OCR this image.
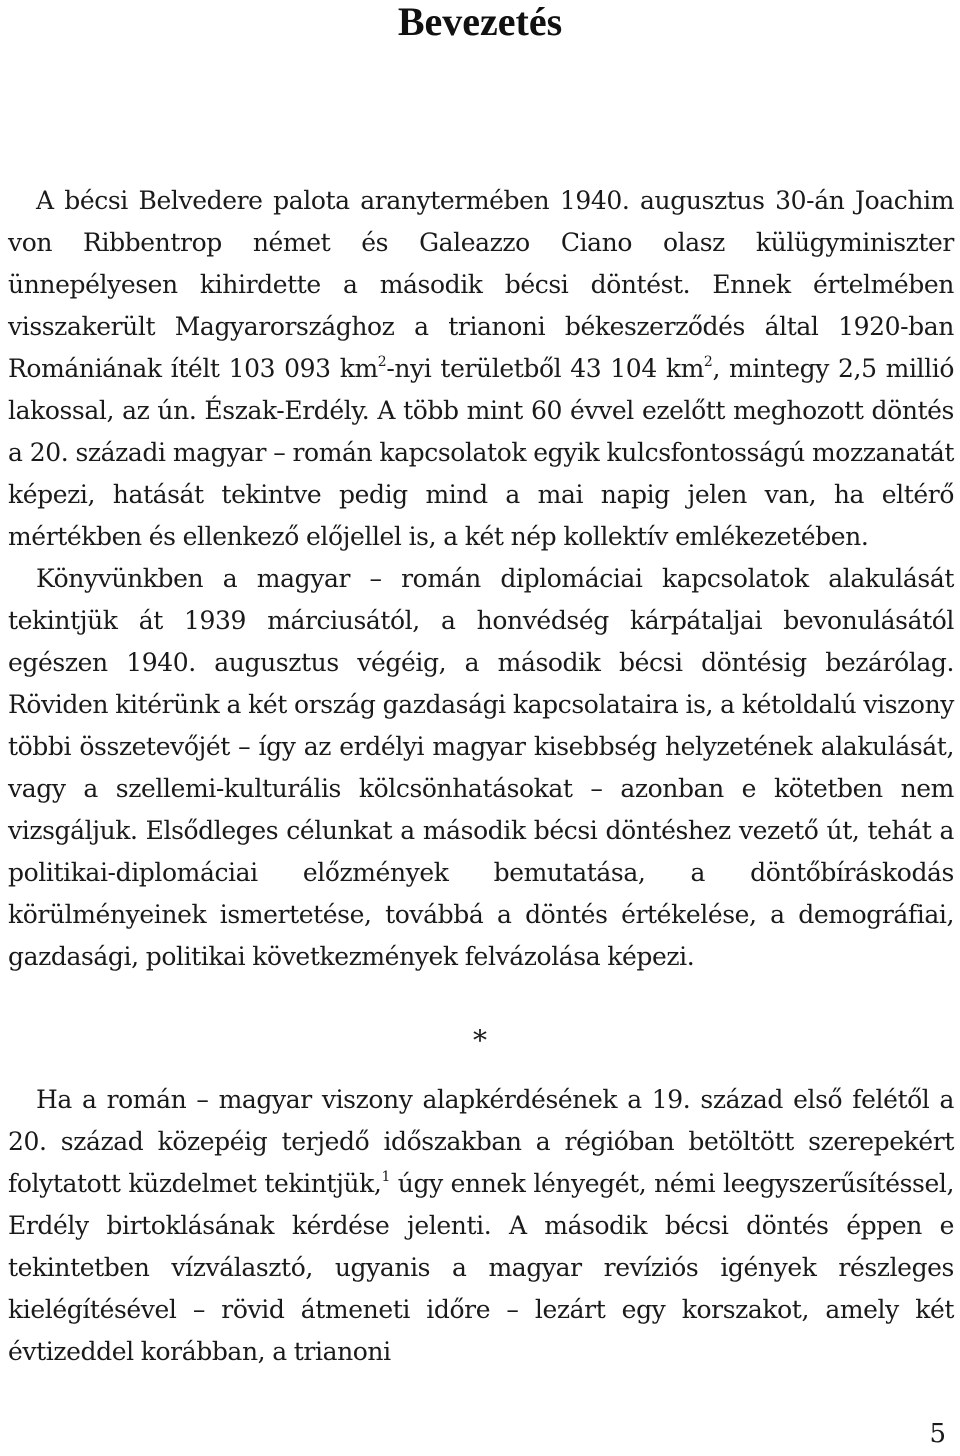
Bevezetés

A bécsi Belvedere palota aranytermében 1940. augusztus 30-án Joachim von Ribbentrop német és Galeazzo Ciano olasz külügyminiszter ünnepélyesen kihirdette a második bécsi döntést. Ennek értelmében visszakerült Magyarországhoz a trianoni békeszerződés által 1920-ban Romániának ítélt 103 093 $km^2$-nyi területből 43 104 $km^2$, mintegy 2,5 millió lakossal, az ún. Észak-Erdély. A több mint 60 évvel ezelőtt meghozott döntés a 20. századi magyar – román kapcsolatok egyik kulcsfontosságú mozzanatát képezi, hatását tekintve pedig mind a mai napig jelen van, ha eltérő mértékben és ellenkező előjellel is, a két nép kollektív emlékezetében.

Könyvünkben a magyar – román diplomáciai kapcsolatok alakulását tekintjük át 1939 márciusától, a honvédség kárpátaljai bevonulásától egészen 1940. augusztus végéig, a második bécsi döntésig bezárólag. Röviden kitérünk a két ország gazdasági kapcsolataira is, a kétoldalú viszony többi összetevőjét – így az erdélyi magyar kisebbség helyzetének alakulását, vagy a szellemi-kulturális kölcsönhatásokat – azonban e kötetben nem vizsgáljuk. Elsődleges célunkat a második bécsi döntéshez vezető út, tehát a politikai-diplomáciai előzmények bemutatása, a döntőbíráskodás körülményeinek ismertetése, továbbá a döntés értékelése, a demográfiai, gazdasági, politikai következmények felvázolása képezi.

*

Ha a román – magyar viszony alapkérdésének a 19. század első felétől a 20. század közepéig terjedő időszakban a régióban betöltött szerepekért folytatott küzdelmet tekintjük,$^1$ úgy ennek lényegét, némi leegyszerűsítéssel, Erdély birtoklásának kérdése jelenti. A második bécsi döntés éppen e tekintetben vízválasztó, ugyanis a magyar revíziós igények részleges kielégítésével – rövid átmeneti időre – lezárt egy korszakot, amely két évtizeddel korábban, a trianoni

5
